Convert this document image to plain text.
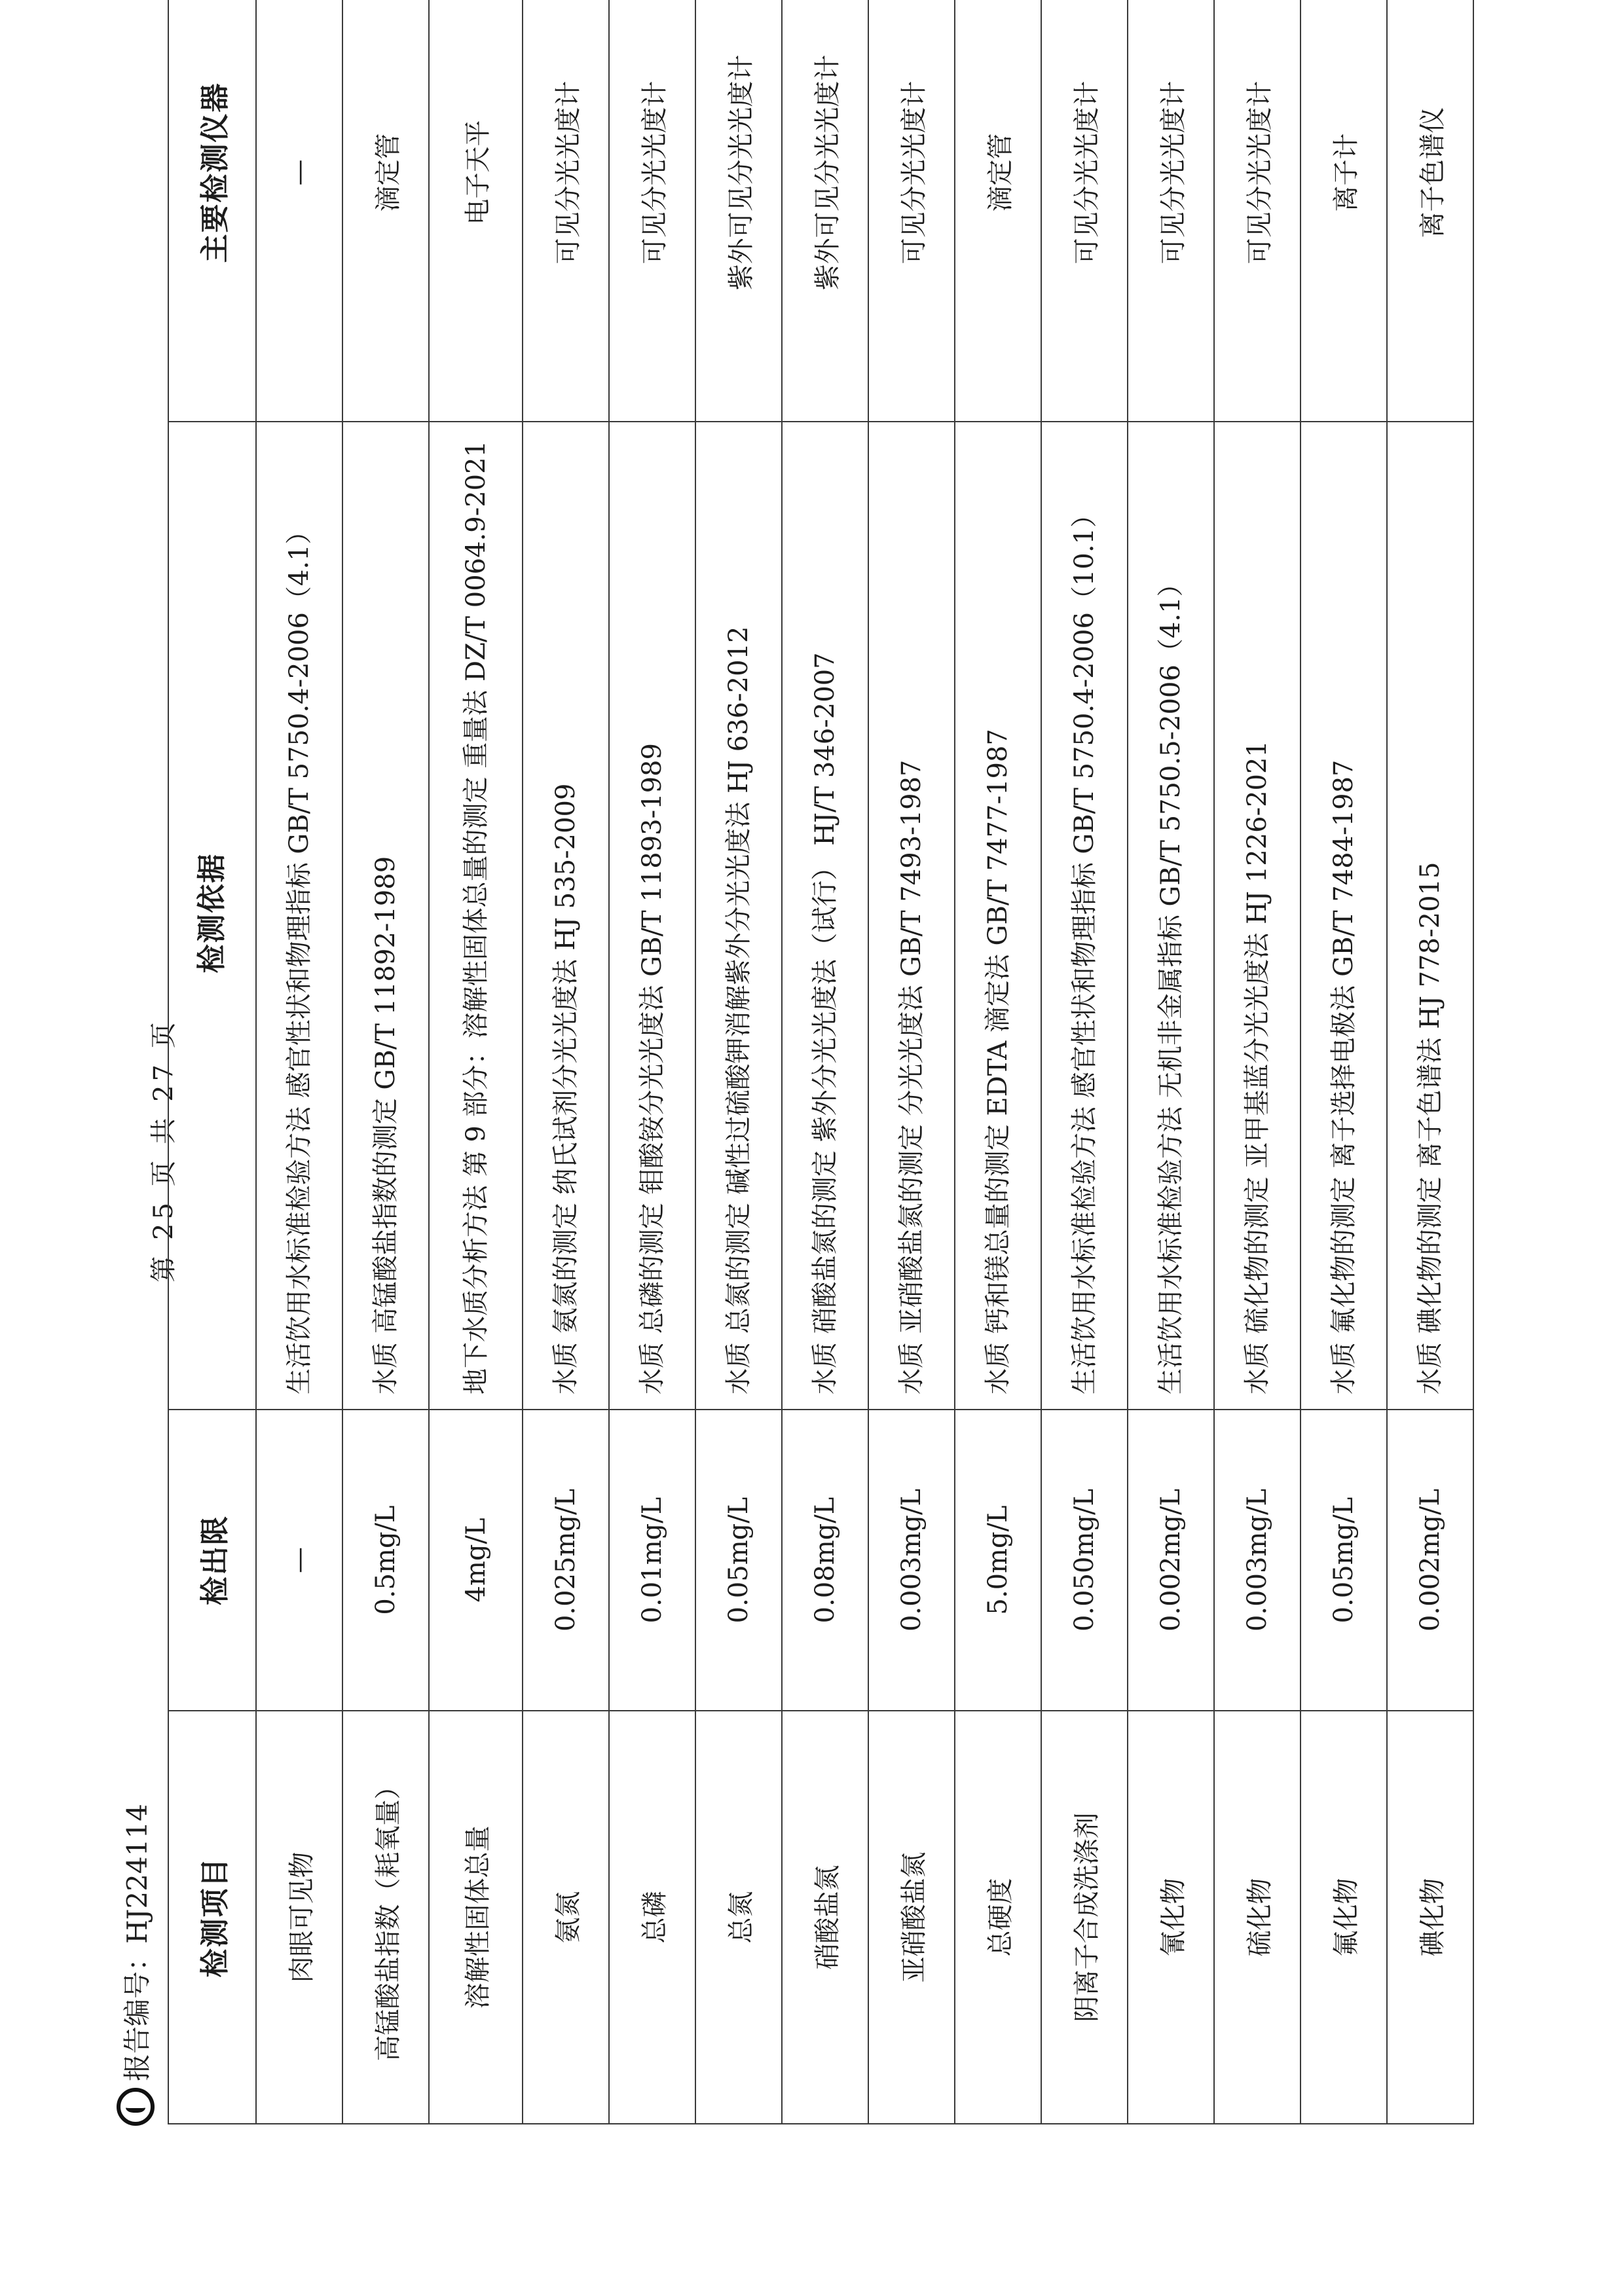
报告编号：HJ224114
第 25 页 共 27 页
检测项目	检出限	检测依据	主要检测仪器
肉眼可见物	—	生活饮用水标准检验方法 感官性状和物理指标 GB/T 5750.4-2006（4.1）	—
高锰酸盐指数（耗氧量）	0.5mg/L	水质 高锰酸盐指数的测定 GB/T 11892-1989	滴定管
溶解性固体总量	4mg/L	地下水质分析方法 第 9 部分：溶解性固体总量的测定 重量法 DZ/T 0064.9-2021	电子天平
氨氮	0.025mg/L	水质 氨氮的测定 纳氏试剂分光光度法 HJ 535-2009	可见分光光度计
总磷	0.01mg/L	水质 总磷的测定 钼酸铵分光光度法 GB/T 11893-1989	可见分光光度计
总氮	0.05mg/L	水质 总氮的测定 碱性过硫酸钾消解紫外分光光度法 HJ 636-2012	紫外可见分光光度计
硝酸盐氮	0.08mg/L	水质 硝酸盐氮的测定 紫外分光光度法（试行） HJ/T 346-2007	紫外可见分光光度计
亚硝酸盐氮	0.003mg/L	水质 亚硝酸盐氮的测定 分光光度法 GB/T 7493-1987	可见分光光度计
总硬度	5.0mg/L	水质 钙和镁总量的测定 EDTA 滴定法 GB/T 7477-1987	滴定管
阴离子合成洗涤剂	0.050mg/L	生活饮用水标准检验方法 感官性状和物理指标 GB/T 5750.4-2006（10.1）	可见分光光度计
氰化物	0.002mg/L	生活饮用水标准检验方法 无机非金属指标 GB/T 5750.5-2006（4.1）	可见分光光度计
硫化物	0.003mg/L	水质 硫化物的测定 亚甲基蓝分光光度法 HJ 1226-2021	可见分光光度计
氟化物	0.05mg/L	水质 氟化物的测定 离子选择电极法 GB/T 7484-1987	离子计
碘化物	0.002mg/L	水质 碘化物的测定 离子色谱法 HJ 778-2015	离子色谱仪
